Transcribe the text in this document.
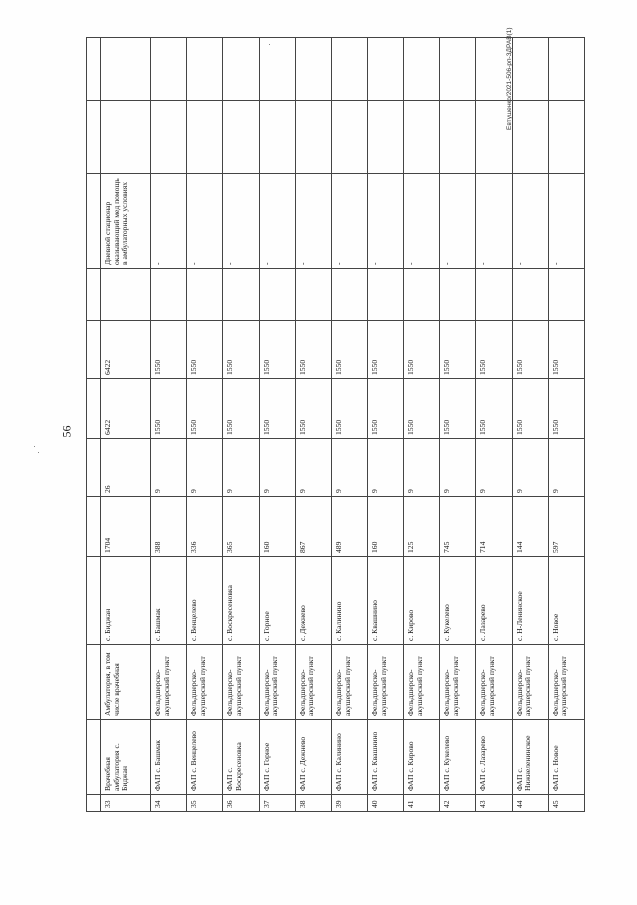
56
Евтушенко/2021-506-рп-ЗДРАВ(1)

33	Врачебная амбулатория с. Биджан	Амбулатория, в том числе врачебная	с. Биджан	1704	26	6422	6422		Дневной стационар оказывающий мед помощь в амбулаторных условиях		
34	ФАП с. Башмак	Фельдшерско-акушерский пункт	с. Башмак	388	9	1550	1550		-		
35	ФАП с. Венцелево	Фельдшерско-акушерский пункт	с. Венцелево	336	9	1550	1550		-		
36	ФАП с. Воскресеновка	Фельдшерско-акушерский пункт	с. Воскресеновка	365	9	1550	1550		-		
37	ФАП с. Горное	Фельдшерско-акушерский пункт	с. Горное	160	9	1550	1550		-		
38	ФАП с. Дежнево	Фельдшерско-акушерский пункт	с. Дежнево	867	9	1550	1550		-		
39	ФАП с. Калинино	Фельдшерско-акушерский пункт	с. Калинино	489	9	1550	1550		-		
40	ФАП с. Квашнино	Фельдшерско-акушерский пункт	с. Квашнино	160	9	1550	1550		-		
41	ФАП с. Кирово	Фельдшерско-акушерский пункт	с. Кирово	125	9	1550	1550		-		
42	ФАП с. Кукелево	Фельдшерско-акушерский пункт	с. Кукелево	745	9	1550	1550		-		
43	ФАП с. Лазарево	Фельдшерско-акушерский пункт	с. Лазарево	714	9	1550	1550		-		
44	ФАП с. Нижнеленинское	Фельдшерско-акушерский пункт	с. Н-Ленинское	144	9	1550	1550		-		
45	ФАП с. Новое	Фельдшерско-акушерский пункт	с. Новое	597	9	1550	1550		-		
